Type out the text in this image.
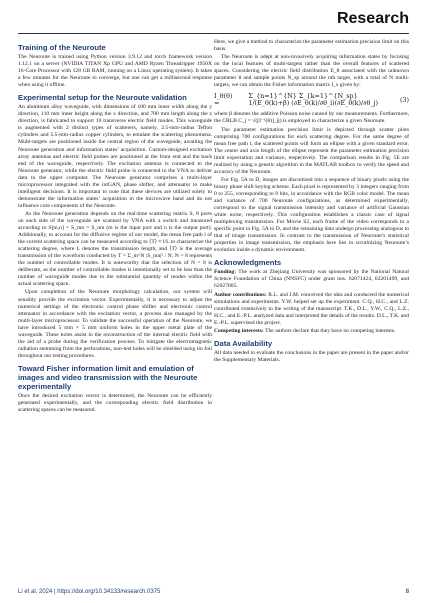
Research
Training of the Neuroute

The Neuroute is trained using Python version 3.9.12 and torch framework version 1.12.1 on a server (NVIDIA TITAN Xp GPU and AMD Ryzen Threadripper 1950X 16-Core Processor with 128 GB RAM, running on a Linux operating system). It takes a few minutes for the Neuroute to converge, but one can get a millisecond response when using it offline.

Experimental setup for the Neuroute validation

An aluminum alloy waveguide, with dimensions of 100 mm inner width along the y direction, 110 mm inner height along the x direction, and 700 mm length along the z direction, is fabricated to support 10 transverse electric field modes. This waveguide is augmented with 2 distinct types of scatterers, namely, 2.5-mm-radius Teflon cylinders and 5.5-mm-radius copper cylinders, to emulate the scattering phenomena. Multi-targets are positioned inside the central region of the waveguide, awaiting the Neuroute generation and information states’ acquisition. Custom-designed excitation array antennas and electric field probes are positioned at the front end and the back end of the waveguide, respectively. The excitation antenna is connected to the Neuroute generator, while the electric field probe is connected to the VNA to deliver data to the upper computer. The Neuroute generator comprises a multi-layer microprocessor integrated with the intGAN, phase shifter, and attenuator to make intelligent decisions. It is important to note that these devices are utilized solely to demonstrate the information states’ acquisition in the microwave band and do not influence core components of the Neuroute.

As the Neuroute generation depends on the real-time scattering matrix S, 8 ports on each side of the waveguide are scanned by VNA with a switch and measured according to S[m,n] = S_mn = S_nm (m is the input port and n is the output port). Additionally, to account for the diffusive regime of our model, the mean free path l of the current scattering space can be measured according to ⟨T⟩ ≈ l/L to characterize the scattering degree, where L denotes the transmission length, and ⟨T⟩ is the average transmission of the waveform conducted by T = Σ_m^N |S_mn|² / N; N = 8 represents the number of controllable modes. It is noteworthy that the selection of N = 8 is deliberate, as the number of controllable modes is intentionally set to be less than the number of waveguide modes due to the substantial quantity of modes within the actual scattering space.

Upon completion of the Neuroute morphology calculation, our system will sensibly provide the excitation vector. Experimentally, it is necessary to adjust the numerical settings of the electronic control phase shifter and electronic control attenuator in accordance with the excitation vector, a process also managed by the multi-layer microprocessor. To validate the successful operation of the Neuroute, we have introduced 5 mm × 5 mm uniform holes in the upper metal plate of the waveguide. These holes assist in the reconstruction of the internal electric field with the aid of a probe during the verification process. To mitigate the electromagnetic radiation stemming from the perforations, non-test holes will be shielded using tin foil throughout our testing procedures.

Toward Fisher information limit and emulation of images and video transmission with the Neuroute experimentally

Once the desired excitation vector is determined, the Neuroute can be efficiently generated experimentally, and the corresponding electric field distribution in scattering spaces can be measured.

Here, we give a method to characterize the parameter estimation precision limit on this basis.

The Neuroute is adept at non-invasively acquiring information states by focusing on the local features of multi-targets rather than the overall features of scattered spaces. Considering the electric field distribution E_θ associated with the unknown parameter θ and sample points N_sp around the nth target, with a total of N multi-targets, we can obtain the Fisher information matrix I_s given by:

I_θ(θ) =
Σ_{n=1}^{N} Σ_{k=1}^{N_sp} 1/(E_θ(k)+β) (∂E_θ(k)/∂θ_i)(∂E_θ(k)/∂θ_j)	(3)

where β denotes the additive Poisson noise caused by our measurements. Furthermore, the CRLB C_j = √([I⁻¹(θ)]_jj) is employed to characterize a given Neuroute.

The parameter estimation precision limit is depicted through scatter plots comprising 700 configurations for each scattering degree. For the same degree of mean free path l, the scattered points will form an ellipse with a given standard error. The center and axis length of the ellipse represent the parameter estimation precision limit expectation and variance, respectively. The comparison results in Fig. 5E are realized by using a genetic algorithm in the MATLAB toolbox to verify the speed and accuracy of the Neuroute.

For Fig. 5A to D, images are discretized into a sequence of binary pixels using the binary phase shift keying scheme. Each pixel is represented by 3 integers ranging from 0 to 255, corresponding to 8 bits, in accordance with the RGB color model. The mean and variance of 700 Neuroute configurations, as determined experimentally, correspond to the signal transmission intensity and variance of artificial Gaussian white noise, respectively. This configuration establishes a classic case of signal multiplexing transmission. For Movie S2, each frame of the video corresponds to a specific point in Fig. 5A to D, and the remaining data undergo processing analogous to that of image transmission. In contrast to the transmission of Neuroute’s statistical properties in image transmission, the emphasis here lies in scrutinizing Neuroute’s evolution inside a dynamic environment.

Acknowledgments

Funding: The work at Zhejiang University was sponsored by the National Natural Science Foundation of China (NNSFC) under grant nos. 62071424, 62201499, and 62027805.

Author contributions: R.L. and J.M. conceived the idea and conducted the numerical simulations and experiments. Y.W. helped set up the experiment. C.Q., H.C., and L.Z. contributed extensively to the writing of the manuscript. T.K., D.L., Y.W., C.Q., L.Z., H.C., and E.-P.L. analyzed data and interpreted the details of the results. D.L., T.K. and E.-P.L. supervised the project.

Competing interests: The authors declare that they have no competing interests.

Data Availability

All data needed to evaluate the conclusions in the paper are present in the paper and/or the Supplementary Materials.

Li et al. 2024 | https://doi.org/10.34133/research.0375	8
